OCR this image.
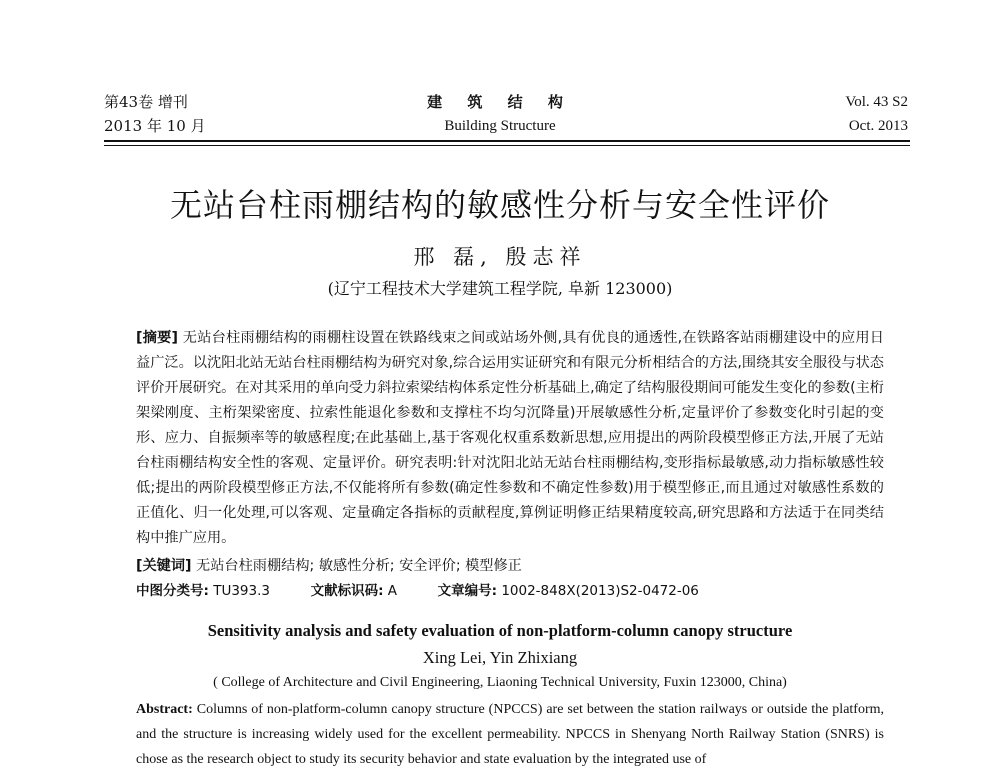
第43卷 增刊
2013 年 10 月
建 筑 结 构
Building Structure
Vol. 43 S2
Oct. 2013
无站台柱雨棚结构的敏感性分析与安全性评价
邢 磊, 殷志祥
(辽宁工程技术大学建筑工程学院, 阜新 123000)
[摘要] 无站台柱雨棚结构的雨棚柱设置在铁路线束之间或站场外侧,具有优良的通透性,在铁路客站雨棚建设中的应用日益广泛。以沈阳北站无站台柱雨棚结构为研究对象,综合运用实证研究和有限元分析相结合的方法,围绕其安全服役与状态评价开展研究。在对其采用的单向受力斜拉索梁结构体系定性分析基础上,确定了结构服役期间可能发生变化的参数(主桁架梁刚度、主桁架梁密度、拉索性能退化参数和支撑柱不均匀沉降量)开展敏感性分析,定量评价了参数变化时引起的变形、应力、自振频率等的敏感程度;在此基础上,基于客观化权重系数新思想,应用提出的两阶段模型修正方法,开展了无站台柱雨棚结构安全性的客观、定量评价。研究表明:针对沈阳北站无站台柱雨棚结构,变形指标最敏感,动力指标敏感性较低;提出的两阶段模型修正方法,不仅能将所有参数(确定性参数和不确定性参数)用于模型修正,而且通过对敏感性系数的正值化、归一化处理,可以客观、定量确定各指标的贡献程度,算例证明修正结果精度较高,研究思路和方法适于在同类结构中推广应用。
[关键词] 无站台柱雨棚结构; 敏感性分析; 安全评价; 模型修正
中图分类号: TU393.3	文献标识码: A	文章编号: 1002-848X(2013)S2-0472-06
Sensitivity analysis and safety evaluation of non-platform-column canopy structure
Xing Lei, Yin Zhixiang
( College of Architecture and Civil Engineering, Liaoning Technical University, Fuxin 123000, China)
Abstract: Columns of non-platform-column canopy structure (NPCCS) are set between the station railways or outside the platform, and the structure is increasing widely used for the excellent permeability. NPCCS in Shenyang North Railway Station (SNRS) is chose as the research object to study its security behavior and state evaluation by the integrated use of
